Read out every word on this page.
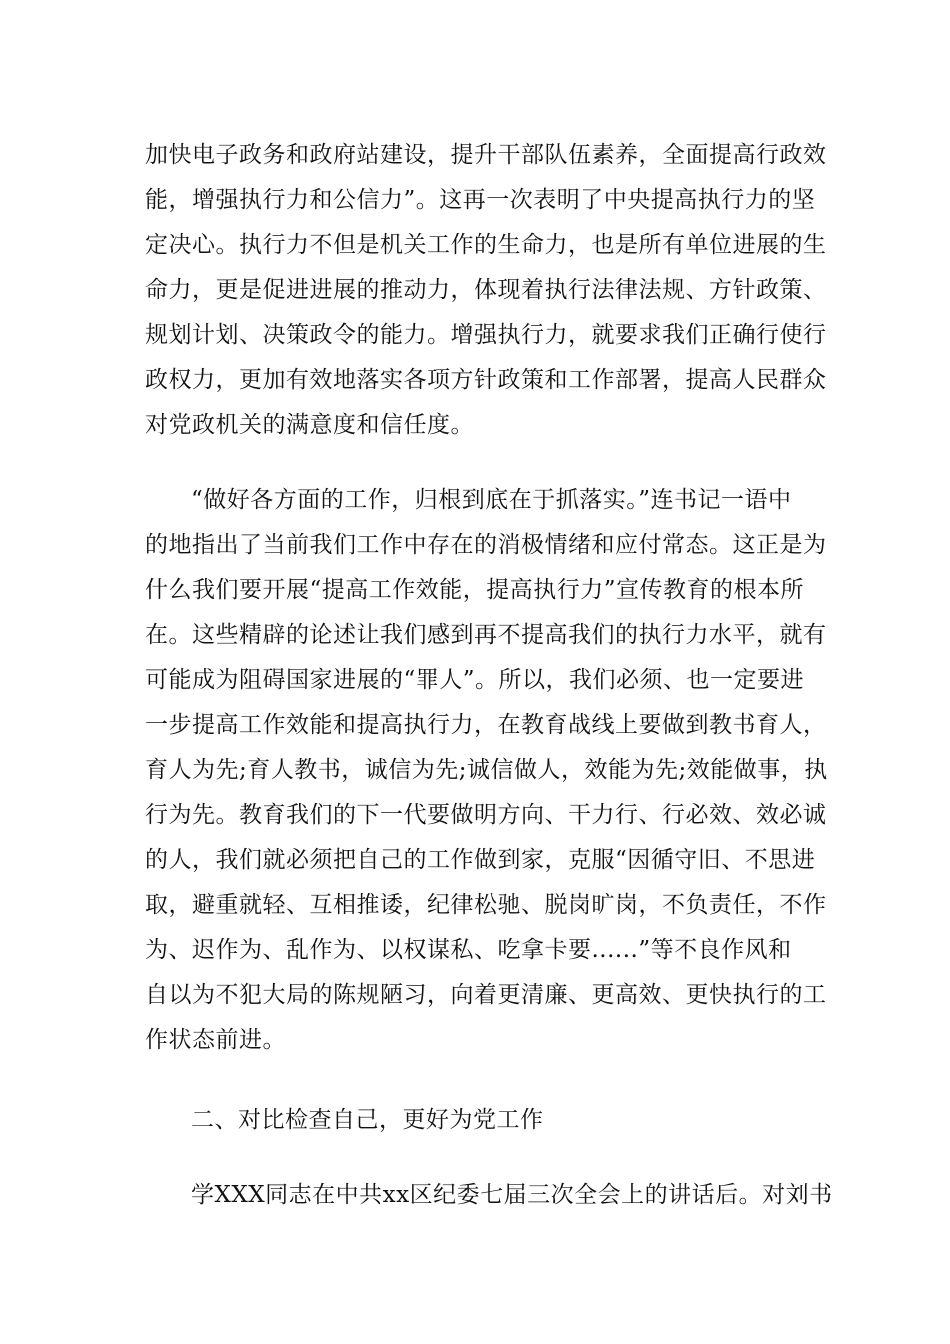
加快电子政务和政府站建设，提升干部队伍素养，全面提高行政效
能，增强执行力和公信力”。这再一次表明了中央提高执行力的坚
定决心。执行力不但是机关工作的生命力，也是所有单位进展的生
命力，更是促进进展的推动力，体现着执行法律法规、方针政策、
规划计划、决策政令的能力。增强执行力，就要求我们正确行使行
政权力，更加有效地落实各项方针政策和工作部署，提高人民群众
对党政机关的满意度和信任度。
“做好各方面的工作，归根到底在于抓落实。”连书记一语中
的地指出了当前我们工作中存在的消极情绪和应付常态。这正是为
什么我们要开展“提高工作效能，提高执行力”宣传教育的根本所
在。这些精辟的论述让我们感到再不提高我们的执行力水平，就有
可能成为阻碍国家进展的“罪人”。所以，我们必须、也一定要进
一步提高工作效能和提高执行力，在教育战线上要做到教书育人，
育人为先;育人教书，诚信为先;诚信做人，效能为先;效能做事，执
行为先。教育我们的下一代要做明方向、干力行、行必效、效必诚
的人，我们就必须把自己的工作做到家，克服“因循守旧、不思进
取，避重就轻、互相推诿，纪律松驰、脱岗旷岗，不负责任，不作
为、迟作为、乱作为、以权谋私、吃拿卡要......”等不良作风和
自以为不犯大局的陈规陋习，向着更清廉、更高效、更快执行的工
作状态前进。
二、对比检查自己，更好为党工作
学XXX同志在中共xx区纪委七届三次全会上的讲话后。对刘书
